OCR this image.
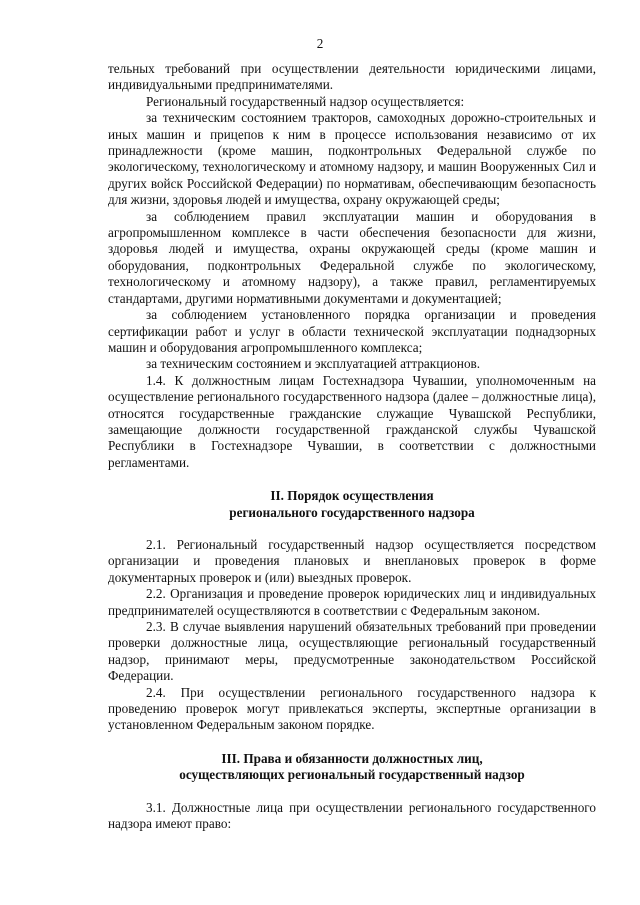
2

тельных требований при осуществлении деятельности юридическими лицами, индивидуальными предпринимателями.

Региональный государственный надзор осуществляется:

за техническим состоянием тракторов, самоходных дорожно-строительных и иных машин и прицепов к ним в процессе использования независимо от их принадлежности (кроме машин, подконтрольных Федеральной службе по экологическому, технологическому и атомному надзору, и машин Вооруженных Сил и других войск Российской Федерации) по нормативам, обеспечивающим безопасность для жизни, здоровья людей и имущества, охрану окружающей среды;

за соблюдением правил эксплуатации машин и оборудования в агропромышленном комплексе в части обеспечения безопасности для жизни, здоровья людей и имущества, охраны окружающей среды (кроме машин и оборудования, подконтрольных Федеральной службе по экологическому, технологическому и атомному надзору), а также правил, регламентируемых стандартами, другими нормативными документами и документацией;

за соблюдением установленного порядка организации и проведения сертификации работ и услуг в области технической эксплуатации поднадзорных машин и оборудования агропромышленного комплекса;

за техническим состоянием и эксплуатацией аттракционов.

1.4. К должностным лицам Гостехнадзора Чувашии, уполномоченным на осуществление регионального государственного надзора (далее – должностные лица), относятся государственные гражданские служащие Чувашской Республики, замещающие должности государственной гражданской службы Чувашской Республики в Гостехнадзоре Чувашии, в соответствии с должностными регламентами.

II. Порядок осуществления
регионального государственного надзора

2.1. Региональный государственный надзор осуществляется посредством организации и проведения плановых и внеплановых проверок в форме документарных проверок и (или) выездных проверок.

2.2. Организация и проведение проверок юридических лиц и индивидуальных предпринимателей осуществляются в соответствии с Федеральным законом.

2.3. В случае выявления нарушений обязательных требований при проведении проверки должностные лица, осуществляющие региональный государственный надзор, принимают меры, предусмотренные законодательством Российской Федерации.

2.4. При осуществлении регионального государственного надзора к проведению проверок могут привлекаться эксперты, экспертные организации в установленном Федеральным законом порядке.

III. Права и обязанности должностных лиц,
осуществляющих региональный государственный надзор

3.1. Должностные лица при осуществлении регионального государственного надзора имеют право:
